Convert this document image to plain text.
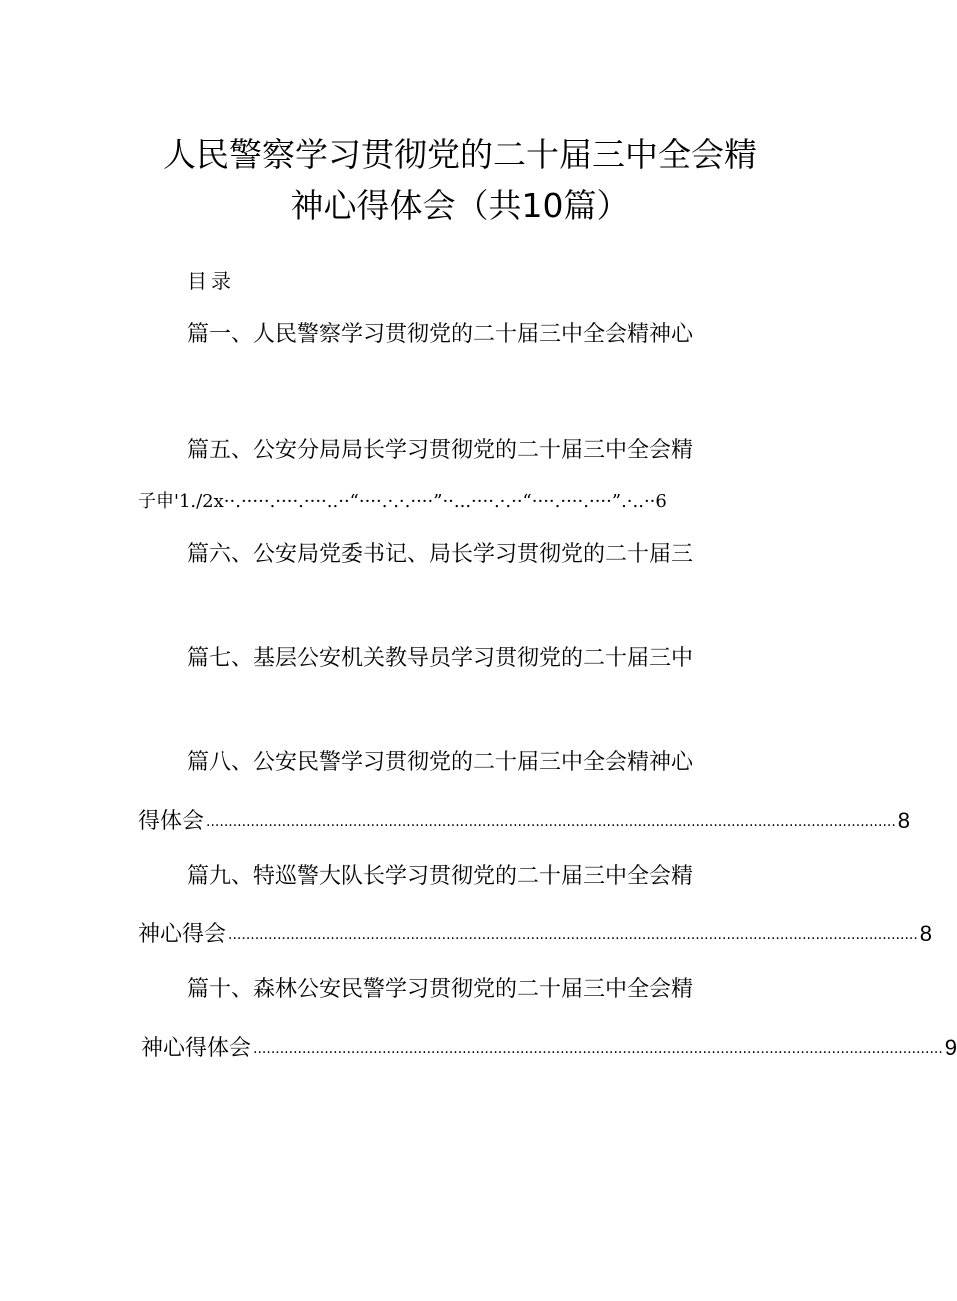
人民警察学习贯彻党的二十届三中全会精
神心得体会（共10篇）
目录
篇一、人民警察学习贯彻党的二十届三中全会精神心
篇五、公安分局局长学习贯彻党的二十届三中全会精
子申'1./2x··.·····.····.····..··“····.·.·.····”··...····.·.··“····.····.····”.·..··6
篇六、公安局党委书记、局长学习贯彻党的二十届三
篇七、基层公安机关教导员学习贯彻党的二十届三中
篇八、公安民警学习贯彻党的二十届三中全会精神心
得体会 ........................................................................................................................................................... 8
篇九、特巡警大队长学习贯彻党的二十届三中全会精
神心得会 ........................................................................................................................................................... 8
篇十、森林公安民警学习贯彻党的二十届三中全会精
神心得体会 ........................................................................................................................................................... 9
